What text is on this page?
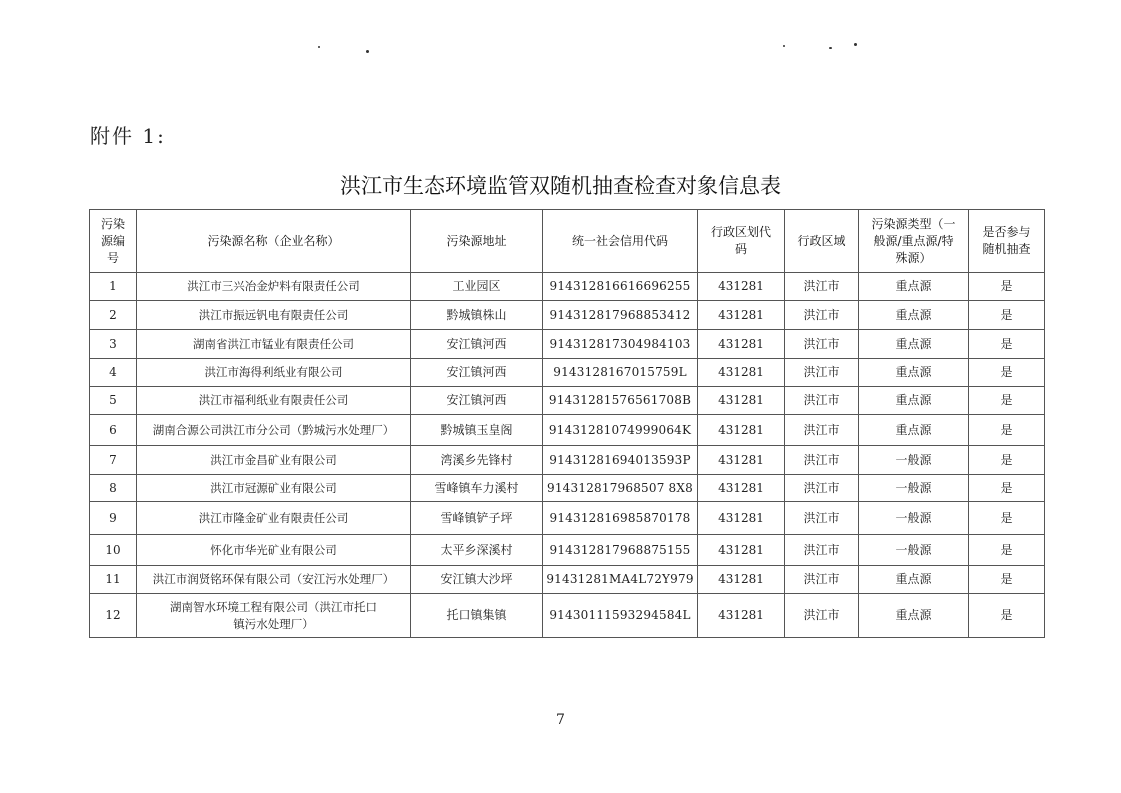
附件 1:
洪江市生态环境监管双随机抽查检查对象信息表
污染源编号	污染源名称（企业名称）	污染源地址	统一社会信用代码	行政区划代码	行政区域	污染源类型（一般源/重点源/特殊源）	是否参与随机抽查
1	洪江市三兴冶金炉料有限责任公司	工业园区	914312816616696255	431281	洪江市	重点源	是
2	洪江市振远钒电有限责任公司	黔城镇株山	914312817968853412	431281	洪江市	重点源	是
3	湖南省洪江市锰业有限责任公司	安江镇河西	914312817304984103	431281	洪江市	重点源	是
4	洪江市海得利纸业有限公司	安江镇河西	9143128167015759L	431281	洪江市	重点源	是
5	洪江市福利纸业有限责任公司	安江镇河西	91431281576561708B	431281	洪江市	重点源	是
6	湖南合源公司洪江市分公司（黔城污水处理厂）	黔城镇玉皇阁	91431281074999064K	431281	洪江市	重点源	是
7	洪江市金昌矿业有限公司	湾溪乡先锋村	91431281694013593P	431281	洪江市	一般源	是
8	洪江市冠源矿业有限公司	雪峰镇车力溪村	914312817968507 8X8	431281	洪江市	一般源	是
9	洪江市隆金矿业有限责任公司	雪峰镇铲子坪	914312816985870178	431281	洪江市	一般源	是
10	怀化市华光矿业有限公司	太平乡深溪村	914312817968875155	431281	洪江市	一般源	是
11	洪江市润贤铭环保有限公司（安江污水处理厂）	安江镇大沙坪	91431281MA4L72Y979	431281	洪江市	重点源	是
12	湖南智水环境工程有限公司（洪江市托口镇污水处理厂）	托口镇集镇	91430111593294584L	431281	洪江市	重点源	是
7
